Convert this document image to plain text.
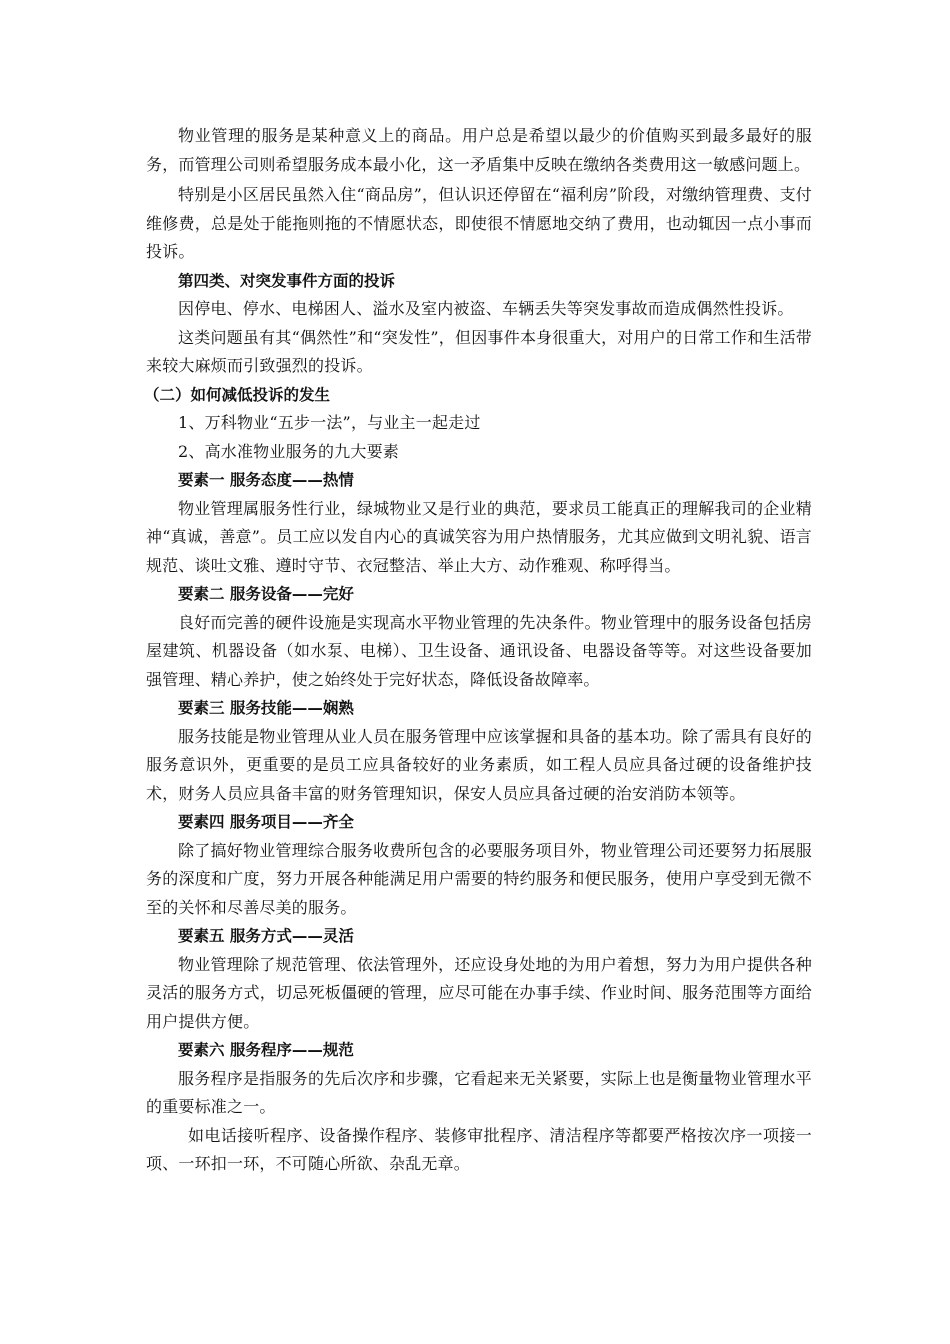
物业管理的服务是某种意义上的商品。用户总是希望以最少的价值购买到最多最好的服务，而管理公司则希望服务成本最小化，这一矛盾集中反映在缴纳各类费用这一敏感问题上。

特别是小区居民虽然入住“商品房”，但认识还停留在“福利房”阶段，对缴纳管理费、支付维修费，总是处于能拖则拖的不情愿状态，即使很不情愿地交纳了费用，也动辄因一点小事而投诉。

第四类、对突发事件方面的投诉

因停电、停水、电梯困人、溢水及室内被盗、车辆丢失等突发事故而造成偶然性投诉。

这类问题虽有其“偶然性”和“突发性”，但因事件本身很重大，对用户的日常工作和生活带来较大麻烦而引致强烈的投诉。

（二）如何减低投诉的发生

1、万科物业“五步一法”，与业主一起走过

2、高水准物业服务的九大要素

要素一 服务态度——热情

物业管理属服务性行业，绿城物业又是行业的典范，要求员工能真正的理解我司的企业精神“真诚，善意”。员工应以发自内心的真诚笑容为用户热情服务，尤其应做到文明礼貌、语言规范、谈吐文雅、遵时守节、衣冠整洁、举止大方、动作雅观、称呼得当。

要素二 服务设备——完好

良好而完善的硬件设施是实现高水平物业管理的先决条件。物业管理中的服务设备包括房屋建筑、机器设备（如水泵、电梯）、卫生设备、通讯设备、电器设备等等。对这些设备要加强管理、精心养护，使之始终处于完好状态，降低设备故障率。

要素三 服务技能——娴熟

服务技能是物业管理从业人员在服务管理中应该掌握和具备的基本功。除了需具有良好的服务意识外，更重要的是员工应具备较好的业务素质，如工程人员应具备过硬的设备维护技术，财务人员应具备丰富的财务管理知识，保安人员应具备过硬的治安消防本领等。

要素四 服务项目——齐全

除了搞好物业管理综合服务收费所包含的必要服务项目外，物业管理公司还要努力拓展服务的深度和广度，努力开展各种能满足用户需要的特约服务和便民服务，使用户享受到无微不至的关怀和尽善尽美的服务。

要素五 服务方式——灵活

物业管理除了规范管理、依法管理外，还应设身处地的为用户着想，努力为用户提供各种灵活的服务方式，切忌死板僵硬的管理，应尽可能在办事手续、作业时间、服务范围等方面给用户提供方便。

要素六 服务程序——规范

服务程序是指服务的先后次序和步骤，它看起来无关紧要，实际上也是衡量物业管理水平的重要标准之一。

如电话接听程序、设备操作程序、装修审批程序、清洁程序等都要严格按次序一项接一项、一环扣一环，不可随心所欲、杂乱无章。
